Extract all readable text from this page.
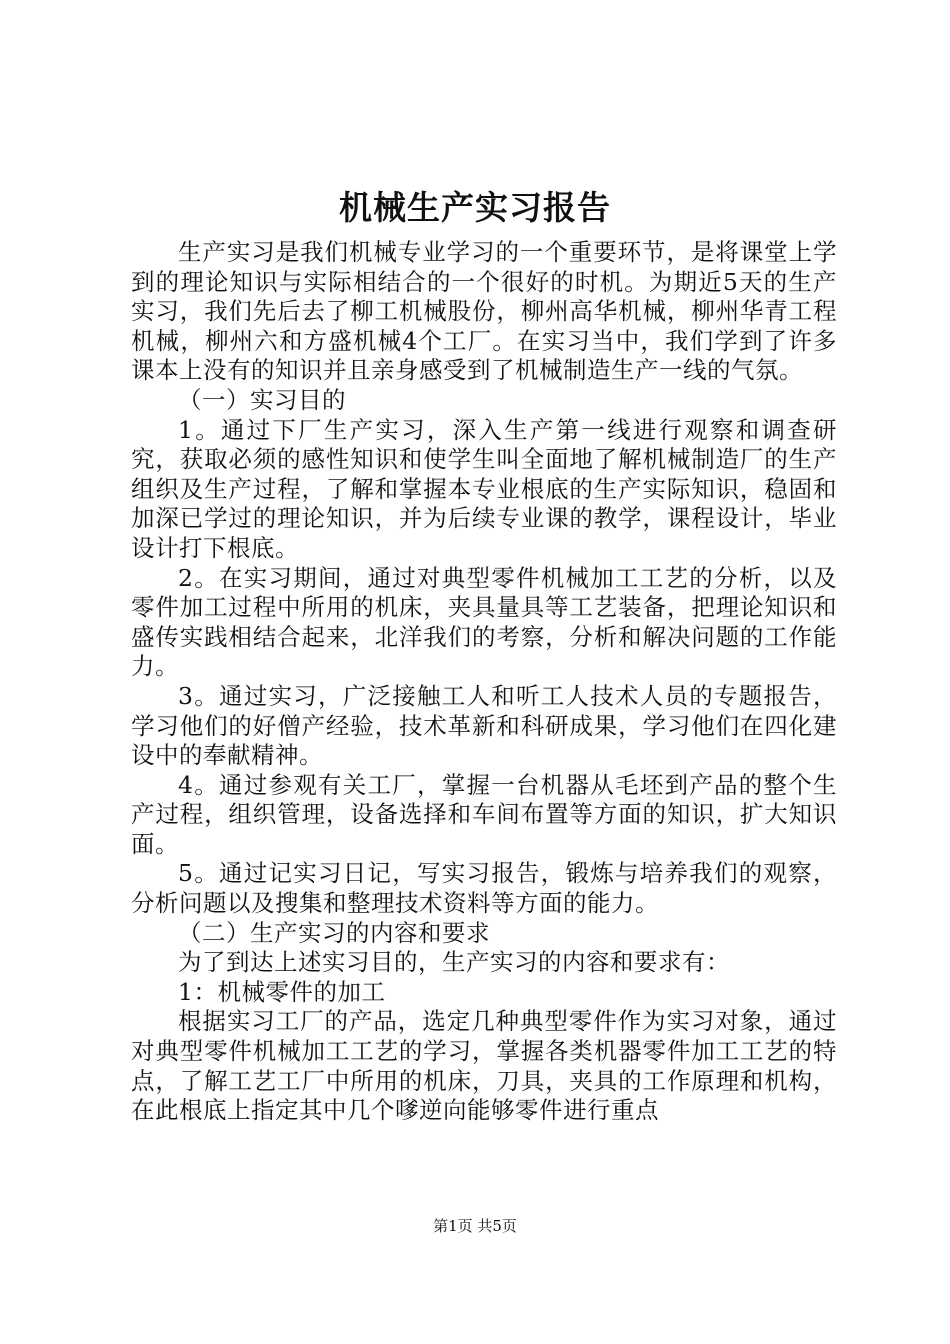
机械生产实习报告

生产实习是我们机械专业学习的一个重要环节，是将课堂上学到的理论知识与实际相结合的一个很好的时机。为期近5天的生产实习，我们先后去了柳工机械股份，柳州高华机械，柳州华青工程机械，柳州六和方盛机械4个工厂。在实习当中，我们学到了许多课本上没有的知识并且亲身感受到了机械制造生产一线的气氛。

（一）实习目的

1。通过下厂生产实习，深入生产第一线进行观察和调查研究，获取必须的感性知识和使学生叫全面地了解机械制造厂的生产组织及生产过程，了解和掌握本专业根底的生产实际知识，稳固和加深已学过的理论知识，并为后续专业课的教学，课程设计，毕业设计打下根底。

2。在实习期间，通过对典型零件机械加工工艺的分析，以及零件加工过程中所用的机床，夹具量具等工艺装备，把理论知识和盛传实践相结合起来，北洋我们的考察，分析和解决问题的工作能力。

3。通过实习，广泛接触工人和听工人技术人员的专题报告，学习他们的好僧产经验，技术革新和科研成果，学习他们在四化建设中的奉献精神。

4。通过参观有关工厂，掌握一台机器从毛坯到产品的整个生产过程，组织管理，设备选择和车间布置等方面的知识，扩大知识面。

5。通过记实习日记，写实习报告，锻炼与培养我们的观察，分析问题以及搜集和整理技术资料等方面的能力。

（二）生产实习的内容和要求

为了到达上述实习目的，生产实习的内容和要求有：

1：机械零件的加工

根据实习工厂的产品，选定几种典型零件作为实习对象，通过对典型零件机械加工工艺的学习，掌握各类机器零件加工工艺的特点，了解工艺工厂中所用的机床，刀具，夹具的工作原理和机构，在此根底上指定其中几个嗲逆向能够零件进行重点

第1页 共5页
